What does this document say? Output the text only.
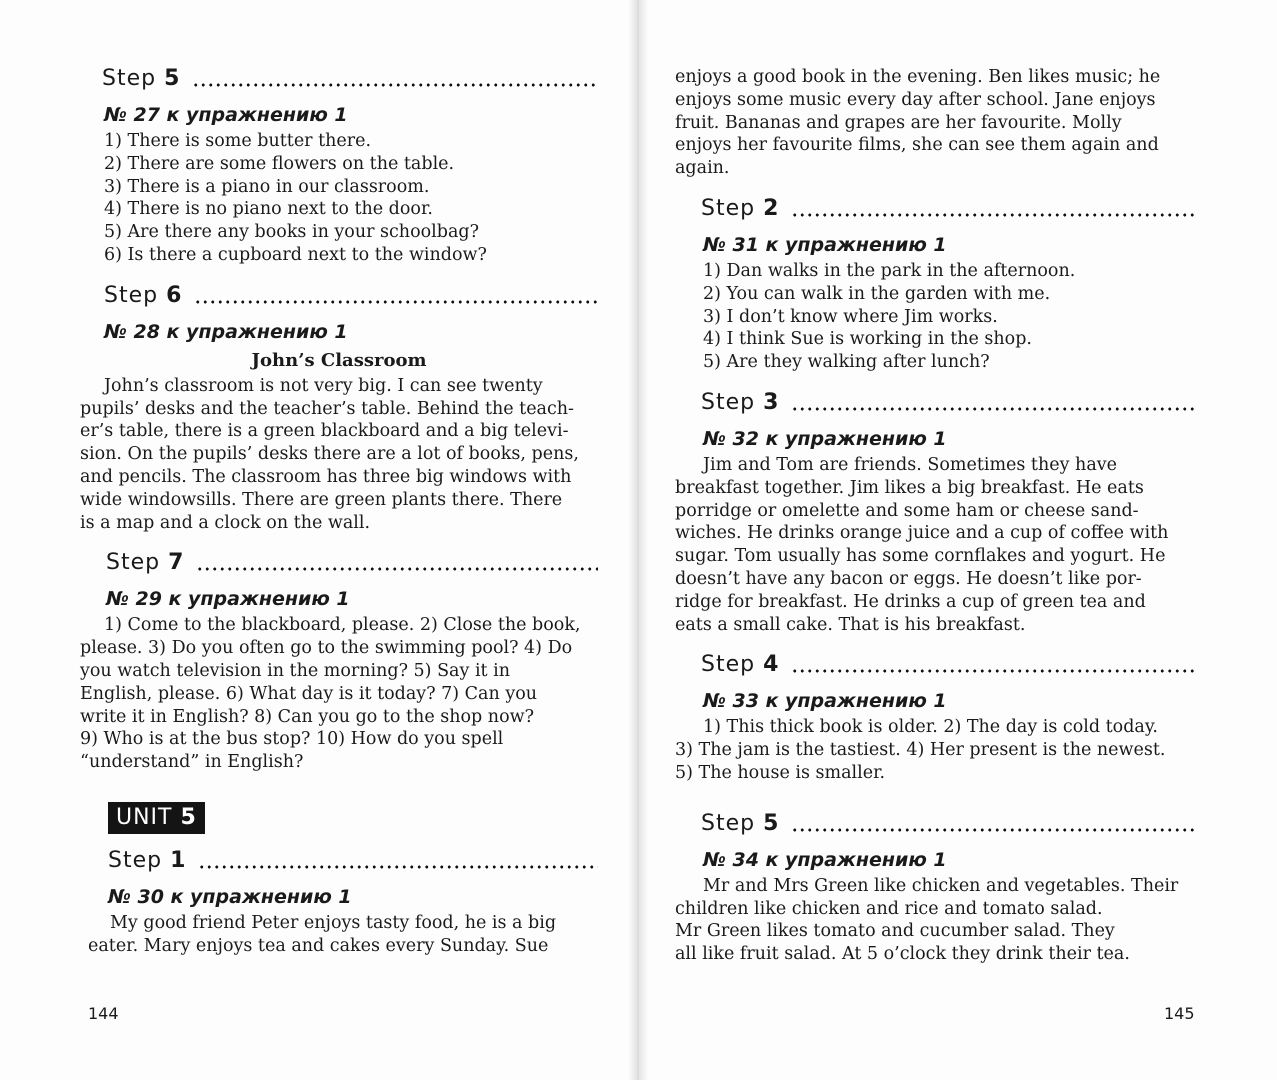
Step 5
№ 27 к упражнению 1
1) There is some butter there.
2) There are some flowers on the table.
3) There is a piano in our classroom.
4) There is no piano next to the door.
5) Are there any books in your schoolbag?
6) Is there a cupboard next to the window?
Step 6
№ 28 к упражнению 1
John’s Classroom
John’s classroom is not very big. I can see twenty
pupils’ desks and the teacher’s table. Behind the teach-
er’s table, there is a green blackboard and a big televi-
sion. On the pupils’ desks there are a lot of books, pens,
and pencils. The classroom has three big windows with
wide windowsills. There are green plants there. There
is a map and a clock on the wall.
Step 7
№ 29 к упражнению 1
1) Come to the blackboard, please. 2) Close the book,
please. 3) Do you often go to the swimming pool? 4) Do
you watch television in the morning? 5) Say it in
English, please. 6) What day is it today? 7) Can you
write it in English? 8) Can you go to the shop now?
9) Who is at the bus stop? 10) How do you spell
“understand” in English?
UNIT 5
Step 1
№ 30 к упражнению 1
My good friend Peter enjoys tasty food, he is a big
eater. Mary enjoys tea and cakes every Sunday. Sue
144
enjoys a good book in the evening. Ben likes music; he
enjoys some music every day after school. Jane enjoys
fruit. Bananas and grapes are her favourite. Molly
enjoys her favourite films, she can see them again and
again.
Step 2
№ 31 к упражнению 1
1) Dan walks in the park in the afternoon.
2) You can walk in the garden with me.
3) I don’t know where Jim works.
4) I think Sue is working in the shop.
5) Are they walking after lunch?
Step 3
№ 32 к упражнению 1
Jim and Tom are friends. Sometimes they have
breakfast together. Jim likes a big breakfast. He eats
porridge or omelette and some ham or cheese sand-
wiches. He drinks orange juice and a cup of coffee with
sugar. Tom usually has some cornflakes and yogurt. He
doesn’t have any bacon or eggs. He doesn’t like por-
ridge for breakfast. He drinks a cup of green tea and
eats a small cake. That is his breakfast.
Step 4
№ 33 к упражнению 1
1) This thick book is older. 2) The day is cold today.
3) The jam is the tastiest. 4) Her present is the newest.
5) The house is smaller.
Step 5
№ 34 к упражнению 1
Mr and Mrs Green like chicken and vegetables. Their
children like chicken and rice and tomato salad.
Mr Green likes tomato and cucumber salad. They
all like fruit salad. At 5 o’clock they drink their tea.
145
